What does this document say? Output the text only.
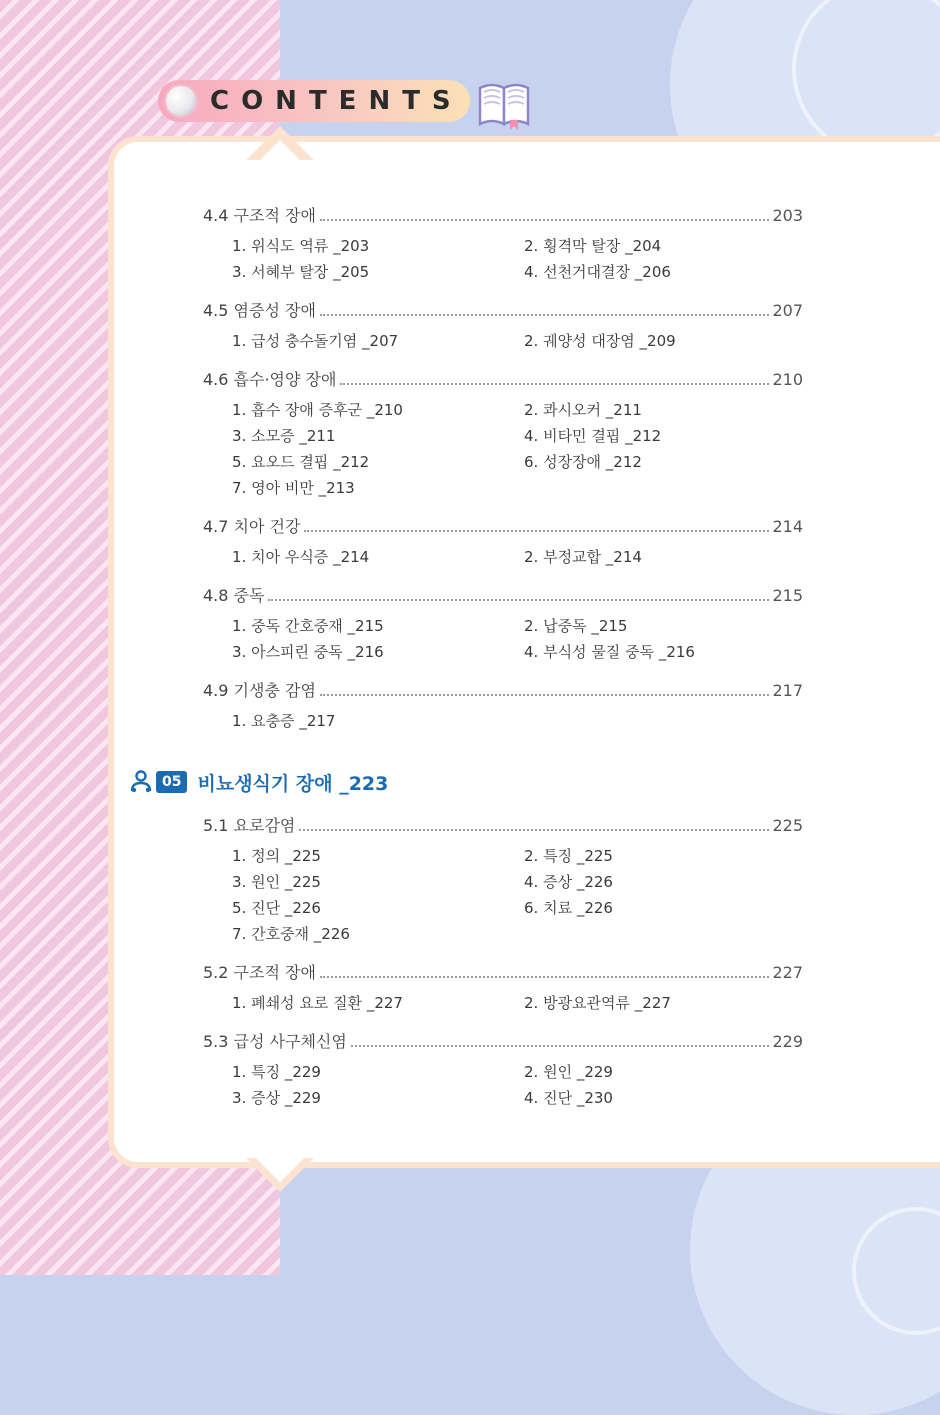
CONTENTS
4.4 구조적 장애	203
1. 위식도 역류 _203	2. 횡격막 탈장 _204
3. 서혜부 탈장 _205	4. 선천거대결장 _206
4.5 염증성 장애	207
1. 급성 충수돌기염 _207	2. 궤양성 대장염 _209
4.6 흡수·영양 장애	210
1. 흡수 장애 증후군 _210	2. 콰시오커 _211
3. 소모증 _211	4. 비타민 결핍 _212
5. 요오드 결핍 _212	6. 성장장애 _212
7. 영아 비만 _213
4.7 치아 건강	214
1. 치아 우식증 _214	2. 부정교합 _214
4.8 중독	215
1. 중독 간호중재 _215	2. 납중독 _215
3. 아스피린 중독 _216	4. 부식성 물질 중독 _216
4.9 기생충 감염	217
1. 요충증 _217
05 비뇨생식기 장애 _223
5.1 요로감염	225
1. 정의 _225	2. 특징 _225
3. 원인 _225	4. 증상 _226
5. 진단 _226	6. 치료 _226
7. 간호중재 _226
5.2 구조적 장애	227
1. 폐쇄성 요로 질환 _227	2. 방광요관역류 _227
5.3 급성 사구체신염	229
1. 특징 _229	2. 원인 _229
3. 증상 _229	4. 진단 _230
